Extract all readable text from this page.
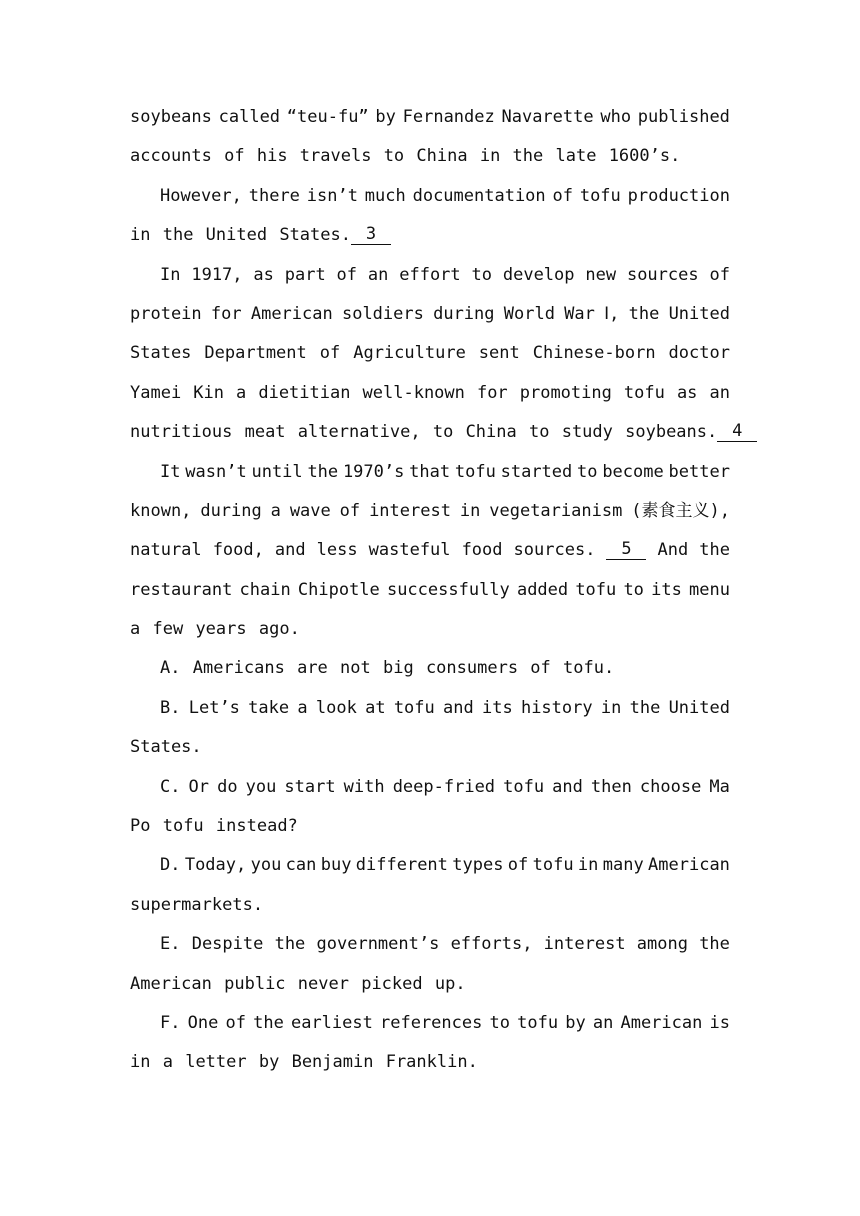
soybeans called “teu-fu” by Fernandez Navarette who published
accounts of his travels to China in the late 1600’s.
However, there isn’t much documentation of tofu production
in the United States. 3
In 1917, as part of an effort to develop new sources of
protein for American soldiers during World War Ⅰ, the United
States Department of Agriculture sent Chinese-born doctor
Yamei Kin a dietitian well-known for promoting tofu as an
nutritious meat alternative, to China to study soybeans. 4
It wasn’t until the 1970’s that tofu started to become better
known, during a wave of interest in vegetarianism (素食主义),
natural food, and less wasteful food sources.	5	And the
restaurant chain Chipotle successfully added tofu to its menu
a few years ago.
A. Americans are not big consumers of tofu.
B. Let’s take a look at tofu and its history in the United
States.
C. Or do you start with deep-fried tofu and then choose Ma
Po tofu instead?
D. Today, you can buy different types of tofu in many American
supermarkets.
E. Despite the government’s efforts, interest among the
American public never picked up.
F. One of the earliest references to tofu by an American is
in a letter by Benjamin Franklin.
